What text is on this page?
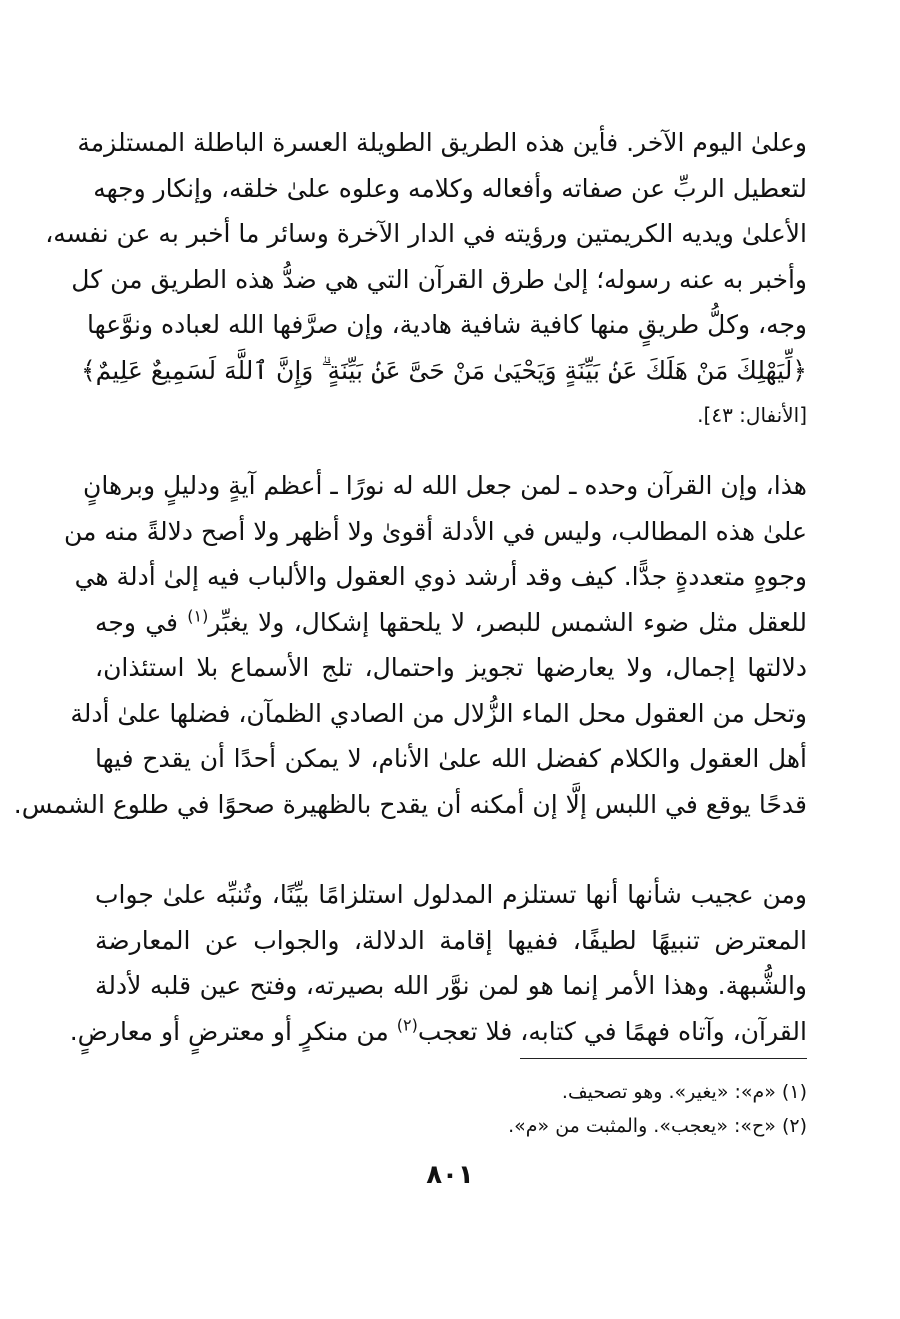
وعلىٰ اليوم الآخر. فأين هذه الطريق الطويلة العسرة الباطلة المستلزمة
لتعطيل الربِّ عن صفاته وأفعاله وكلامه وعلوه علىٰ خلقه، وإنكار وجهه
الأعلىٰ ويديه الكريمتين ورؤيته في الدار الآخرة وسائر ما أخبر به عن نفسه،
وأخبر به عنه رسوله؛ إلىٰ طرق القرآن التي هي ضدُّ هذه الطريق من كل
وجه، وكلُّ طريقٍ منها كافية شافية هادية، وإن صرَّفها الله لعباده ونوَّعها
﴿لِّيَهْلِكَ مَنْ هَلَكَ عَنۢ بَيِّنَةٍ وَيَحْيَىٰ مَنْ حَىَّ عَنۢ بَيِّنَةٍ ۗ وَإِنَّ ٱللَّهَ لَسَمِيعٌ عَلِيمٌ﴾
[الأنفال: ٤٣].
هذا، وإن القرآن وحده ـ لمن جعل الله له نورًا ـ أعظم آيةٍ ودليلٍ وبرهانٍ
علىٰ هذه المطالب، وليس في الأدلة أقوىٰ ولا أظهر ولا أصح دلالةً منه من
وجوهٍ متعددةٍ جدًّا. كيف وقد أرشد ذوي العقول والألباب فيه إلىٰ أدلة هي
للعقل مثل ضوء الشمس للبصر، لا يلحقها إشكال، ولا يغبِّر$^{(١)}$ في وجه
دلالتها إجمال، ولا يعارضها تجويز واحتمال، تلج الأسماع بلا استئذان،
وتحل من العقول محل الماء الزُّلال من الصادي الظمآن، فضلها علىٰ أدلة
أهل العقول والكلام كفضل الله علىٰ الأنام، لا يمكن أحدًا أن يقدح فيها
قدحًا يوقع في اللبس إلَّا إن أمكنه أن يقدح بالظهيرة صحوًا في طلوع الشمس.
ومن عجيب شأنها أنها تستلزم المدلول استلزامًا بيِّنًا، وتُنبِّه علىٰ جواب
المعترض تنبيهًا لطيفًا، ففيها إقامة الدلالة، والجواب عن المعارضة
والشُّبهة. وهذا الأمر إنما هو لمن نوَّر الله بصيرته، وفتح عين قلبه لأدلة
القرآن، وآتاه فهمًا في كتابه، فلا تعجب$^{(٢)}$ من منكرٍ أو معترضٍ أو معارضٍ.
(١) «م»: «يغير». وهو تصحيف.
(٢) «ح»: «يعجب». والمثبت من «م».
٨٠١
